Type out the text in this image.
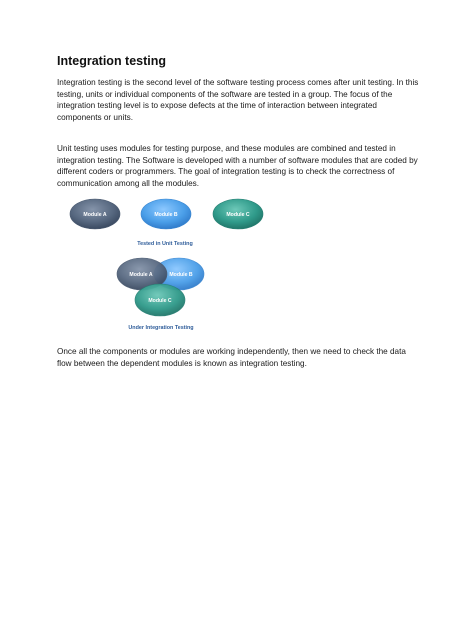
Integration testing
Integration testing is the second level of the software testing process comes after unit testing. In this testing, units or individual components of the software are tested in a group. The focus of the integration testing level is to expose defects at the time of interaction between integrated components or units.
Unit testing uses modules for testing purpose, and these modules are combined and tested in integration testing. The Software is developed with a number of software modules that are coded by different coders or programmers. The goal of integration testing is to check the correctness of communication among all the modules.
Module A	Module B	Module C
Tested in Unit Testing
Module B
Module A
Module C
Under Integration Testing
Once all the components or modules are working independently, then we need to check the data flow between the dependent modules is known as integration testing.
